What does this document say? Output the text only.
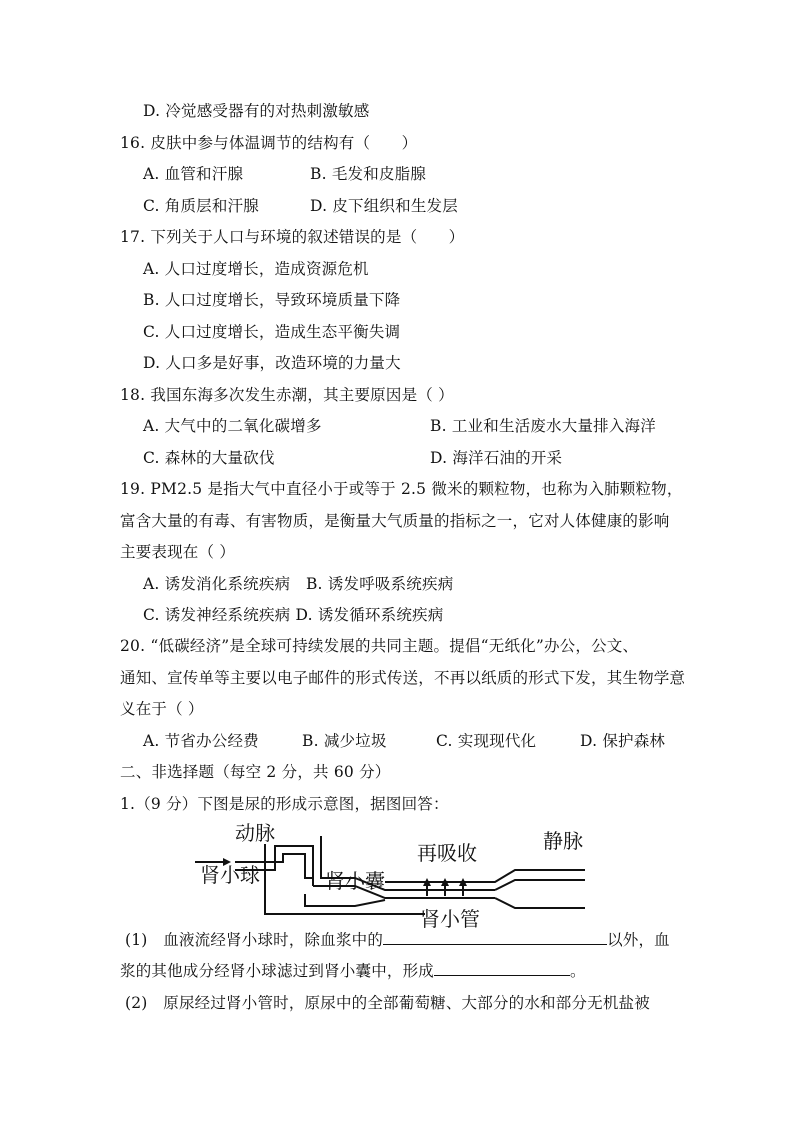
D. 冷觉感受器有的对热刺激敏感
16. 皮肤中参与体温调节的结构有（　　）
A. 血管和汗腺	B. 毛发和皮脂腺
C. 角质层和汗腺	D. 皮下组织和生发层
17. 下列关于人口与环境的叙述错误的是（　　）
A. 人口过度增长，造成资源危机
B. 人口过度增长，导致环境质量下降
C. 人口过度增长，造成生态平衡失调
D. 人口多是好事，改造环境的力量大
18. 我国东海多次发生赤潮，其主要原因是（ ）
A. 大气中的二氧化碳增多	B. 工业和生活废水大量排入海洋
C. 森林的大量砍伐	D. 海洋石油的开采
19. PM2.5 是指大气中直径小于或等于 2.5 微米的颗粒物，也称为入肺颗粒物，
富含大量的有毒、有害物质，是衡量大气质量的指标之一，它对人体健康的影响
主要表现在（ ）
A. 诱发消化系统疾病　B. 诱发呼吸系统疾病
C. 诱发神经系统疾病 D. 诱发循环系统疾病
20. “低碳经济”是全球可持续发展的共同主题。提倡“无纸化”办公，公文、
通知、宣传单等主要以电子邮件的形式传送，不再以纸质的形式下发，其生物学意
义在于（ ）
A. 节省办公经费	B. 减少垃圾	C. 实现现代化	D. 保护森林
二、非选择题（每空 2 分，共 60 分）
1.（9 分）下图是尿的形成示意图，据图回答：
动脉	静脉
肾小球	肾小囊
再吸收
肾小管
(1)　血液流经肾小球时，除血浆中的	以外，血
浆的其他成分经肾小球滤过到肾小囊中，形成	。
(2)　原尿经过肾小管时，原尿中的全部葡萄糖、大部分的水和部分无机盐被
